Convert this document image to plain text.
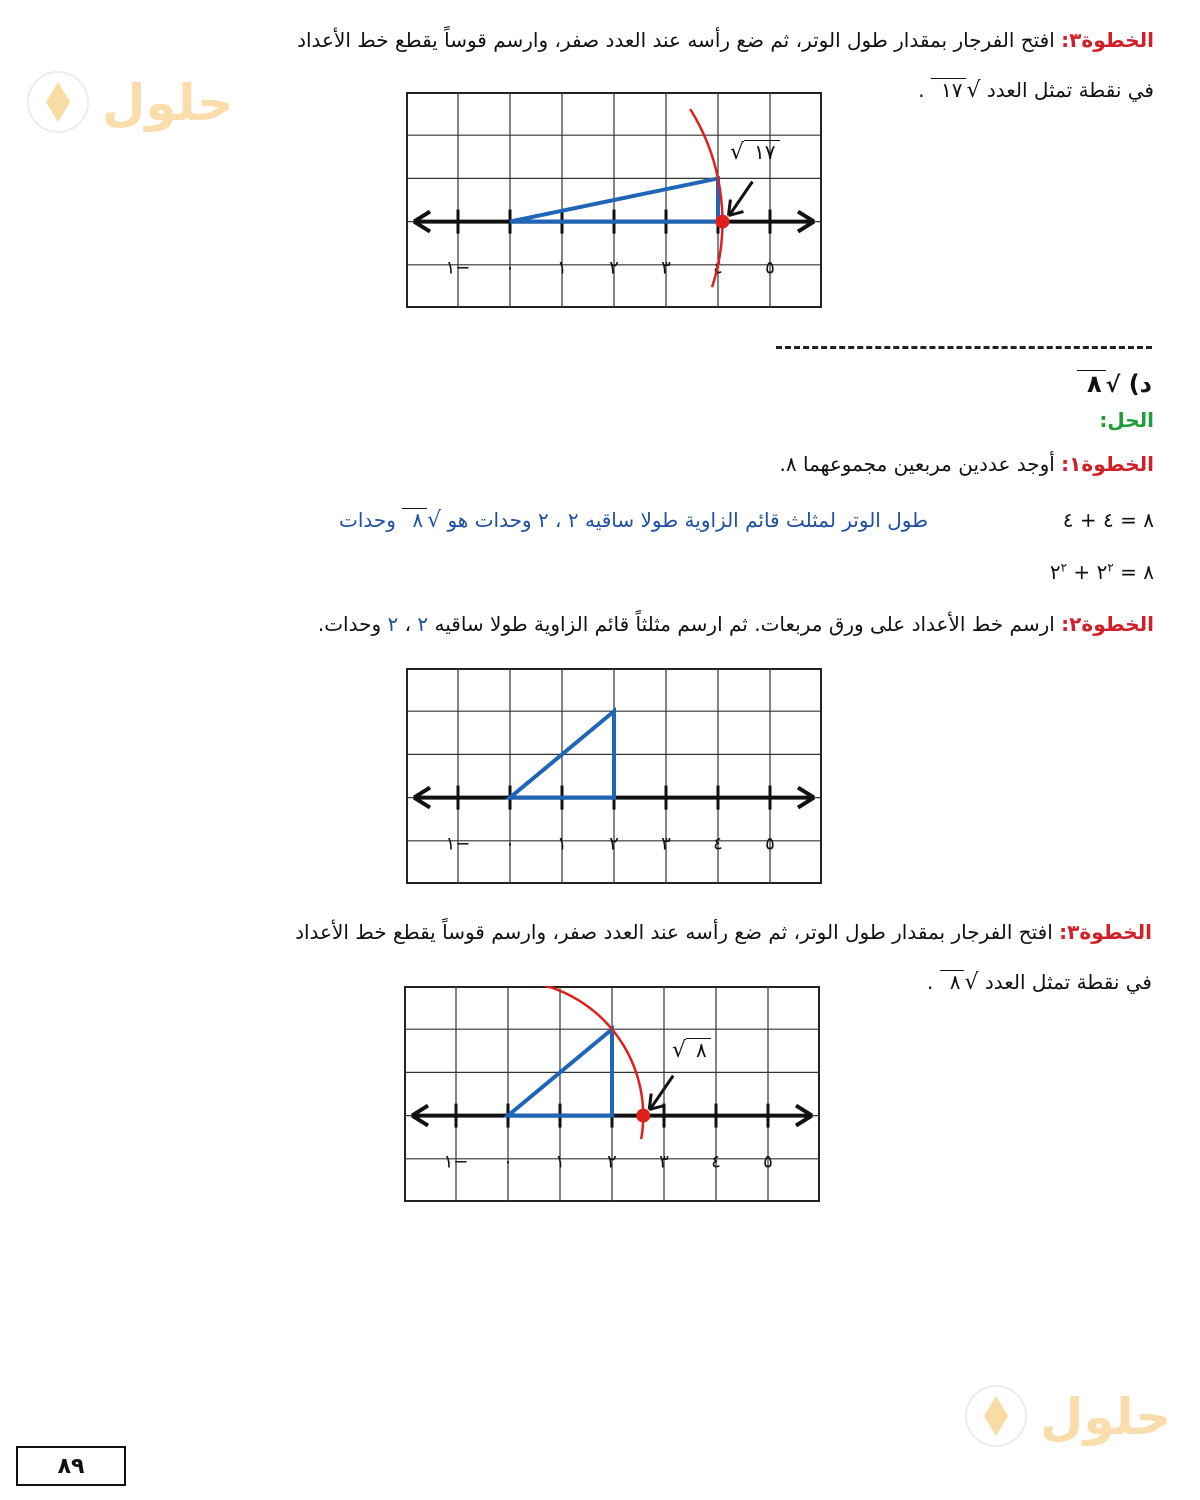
حلول
حلول
الخطوة٣: افتح الفرجار بمقدار طول الوتر، ثم ضع رأسه عند العدد صفر، وارسم قوساً يقطع خط الأعداد
في نقطة تمثل العدد √١٧ .
١− ٠ ١ ٢ ٣ ٤ ٥
√ ١٧
د) √٨
الحل:
الخطوة١: أوجد عددين مربعين مجموعهما ٨.
٨ = ٤ + ٤
طول الوتر لمثلث قائم الزاوية طولا ساقيه ٢ ، ٢ وحدات هو √٨ وحدات
٨ = $٢^٢$ + $٢^٢$
الخطوة٢: ارسم خط الأعداد على ورق مربعات. ثم ارسم مثلثاً قائم الزاوية طولا ساقيه ٢ ، ٢ وحدات.
١− ٠ ١ ٢ ٣ ٤ ٥
الخطوة٣: افتح الفرجار بمقدار طول الوتر، ثم ضع رأسه عند العدد صفر، وارسم قوساً يقطع خط الأعداد
في نقطة تمثل العدد √٨ .
١− ٠ ١ ٢ ٣ ٤ ٥
√ ٨
٨٩
